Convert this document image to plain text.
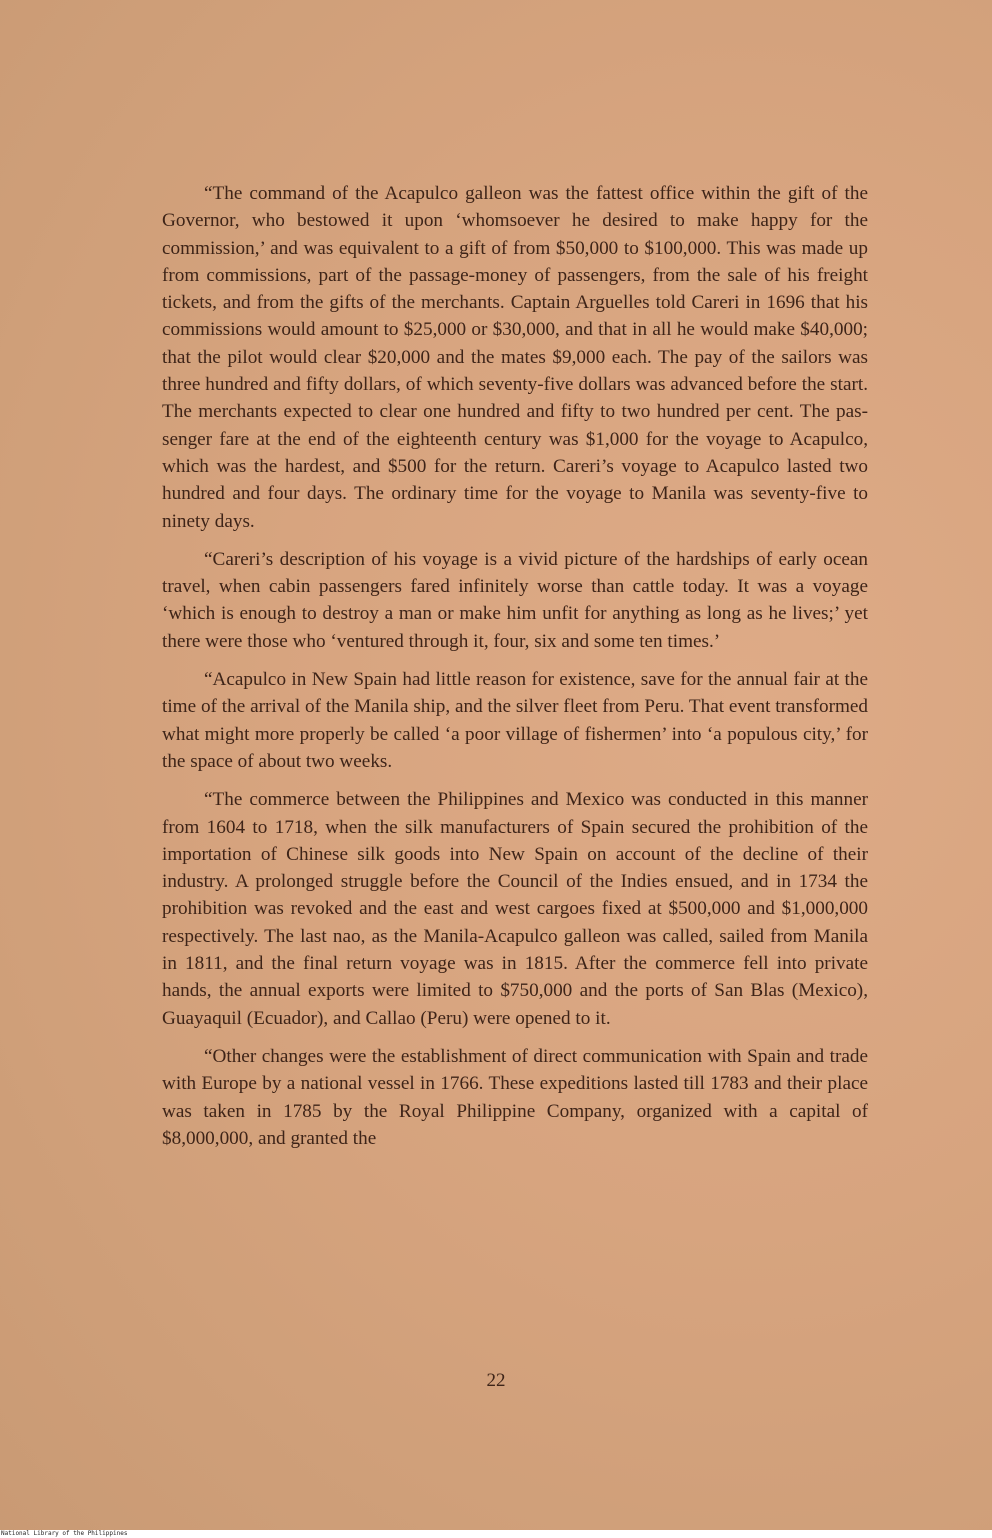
“The command of the Acapulco galleon was the fattest office within the gift of the Governor, who bestowed it upon ‘whomsoever he desired to make happy for the commission,’ and was equivalent to a gift of from $50,000 to $100,000. This was made up from commissions, part of the passage-money of passengers, from the sale of his freight tickets, and from the gifts of the merchants. Captain Arguelles told Careri in 1696 that his commissions would amount to $25,000 or $30,000, and that in all he would make $40,000; that the pilot would clear $20,000 and the mates $9,000 each. The pay of the sailors was three hundred and fifty dollars, of which seventy-five dollars was advanced before the start. The merchants expected to clear one hundred and fifty to two hundred per cent. The passenger fare at the end of the eighteenth century was $1,000 for the voyage to Acapulco, which was the hardest, and $500 for the return. Careri’s voyage to Acapulco lasted two hundred and four days. The ordinary time for the voyage to Manila was seventy-five to ninety days.

“Careri’s description of his voyage is a vivid picture of the hardships of early ocean travel, when cabin passengers fared infinitely worse than cattle today. It was a voyage ‘which is enough to destroy a man or make him unfit for anything as long as he lives;’ yet there were those who ‘ventured through it, four, six and some ten times.’

“Acapulco in New Spain had little reason for existence, save for the annual fair at the time of the arrival of the Manila ship, and the silver fleet from Peru. That event transformed what might more properly be called ‘a poor village of fishermen’ into ‘a populous city,’ for the space of about two weeks.

“The commerce between the Philippines and Mexico was conducted in this manner from 1604 to 1718, when the silk manufacturers of Spain secured the prohibition of the importation of Chinese silk goods into New Spain on account of the decline of their industry. A prolonged struggle before the Council of the Indies ensued, and in 1734 the prohibition was revoked and the east and west cargoes fixed at $500,000 and $1,000,000 respectively. The last nao, as the Manila-Acapulco galleon was called, sailed from Manila in 1811, and the final return voyage was in 1815. After the commerce fell into private hands, the annual exports were limited to $750,000 and the ports of San Blas (Mexico), Guayaquil (Ecuador), and Callao (Peru) were opened to it.

“Other changes were the establishment of direct communication with Spain and trade with Europe by a national vessel in 1766. These expeditions lasted till 1783 and their place was taken in 1785 by the Royal Philippine Company, organized with a capital of $8,000,000, and granted the

22
National Library of the Philippines
